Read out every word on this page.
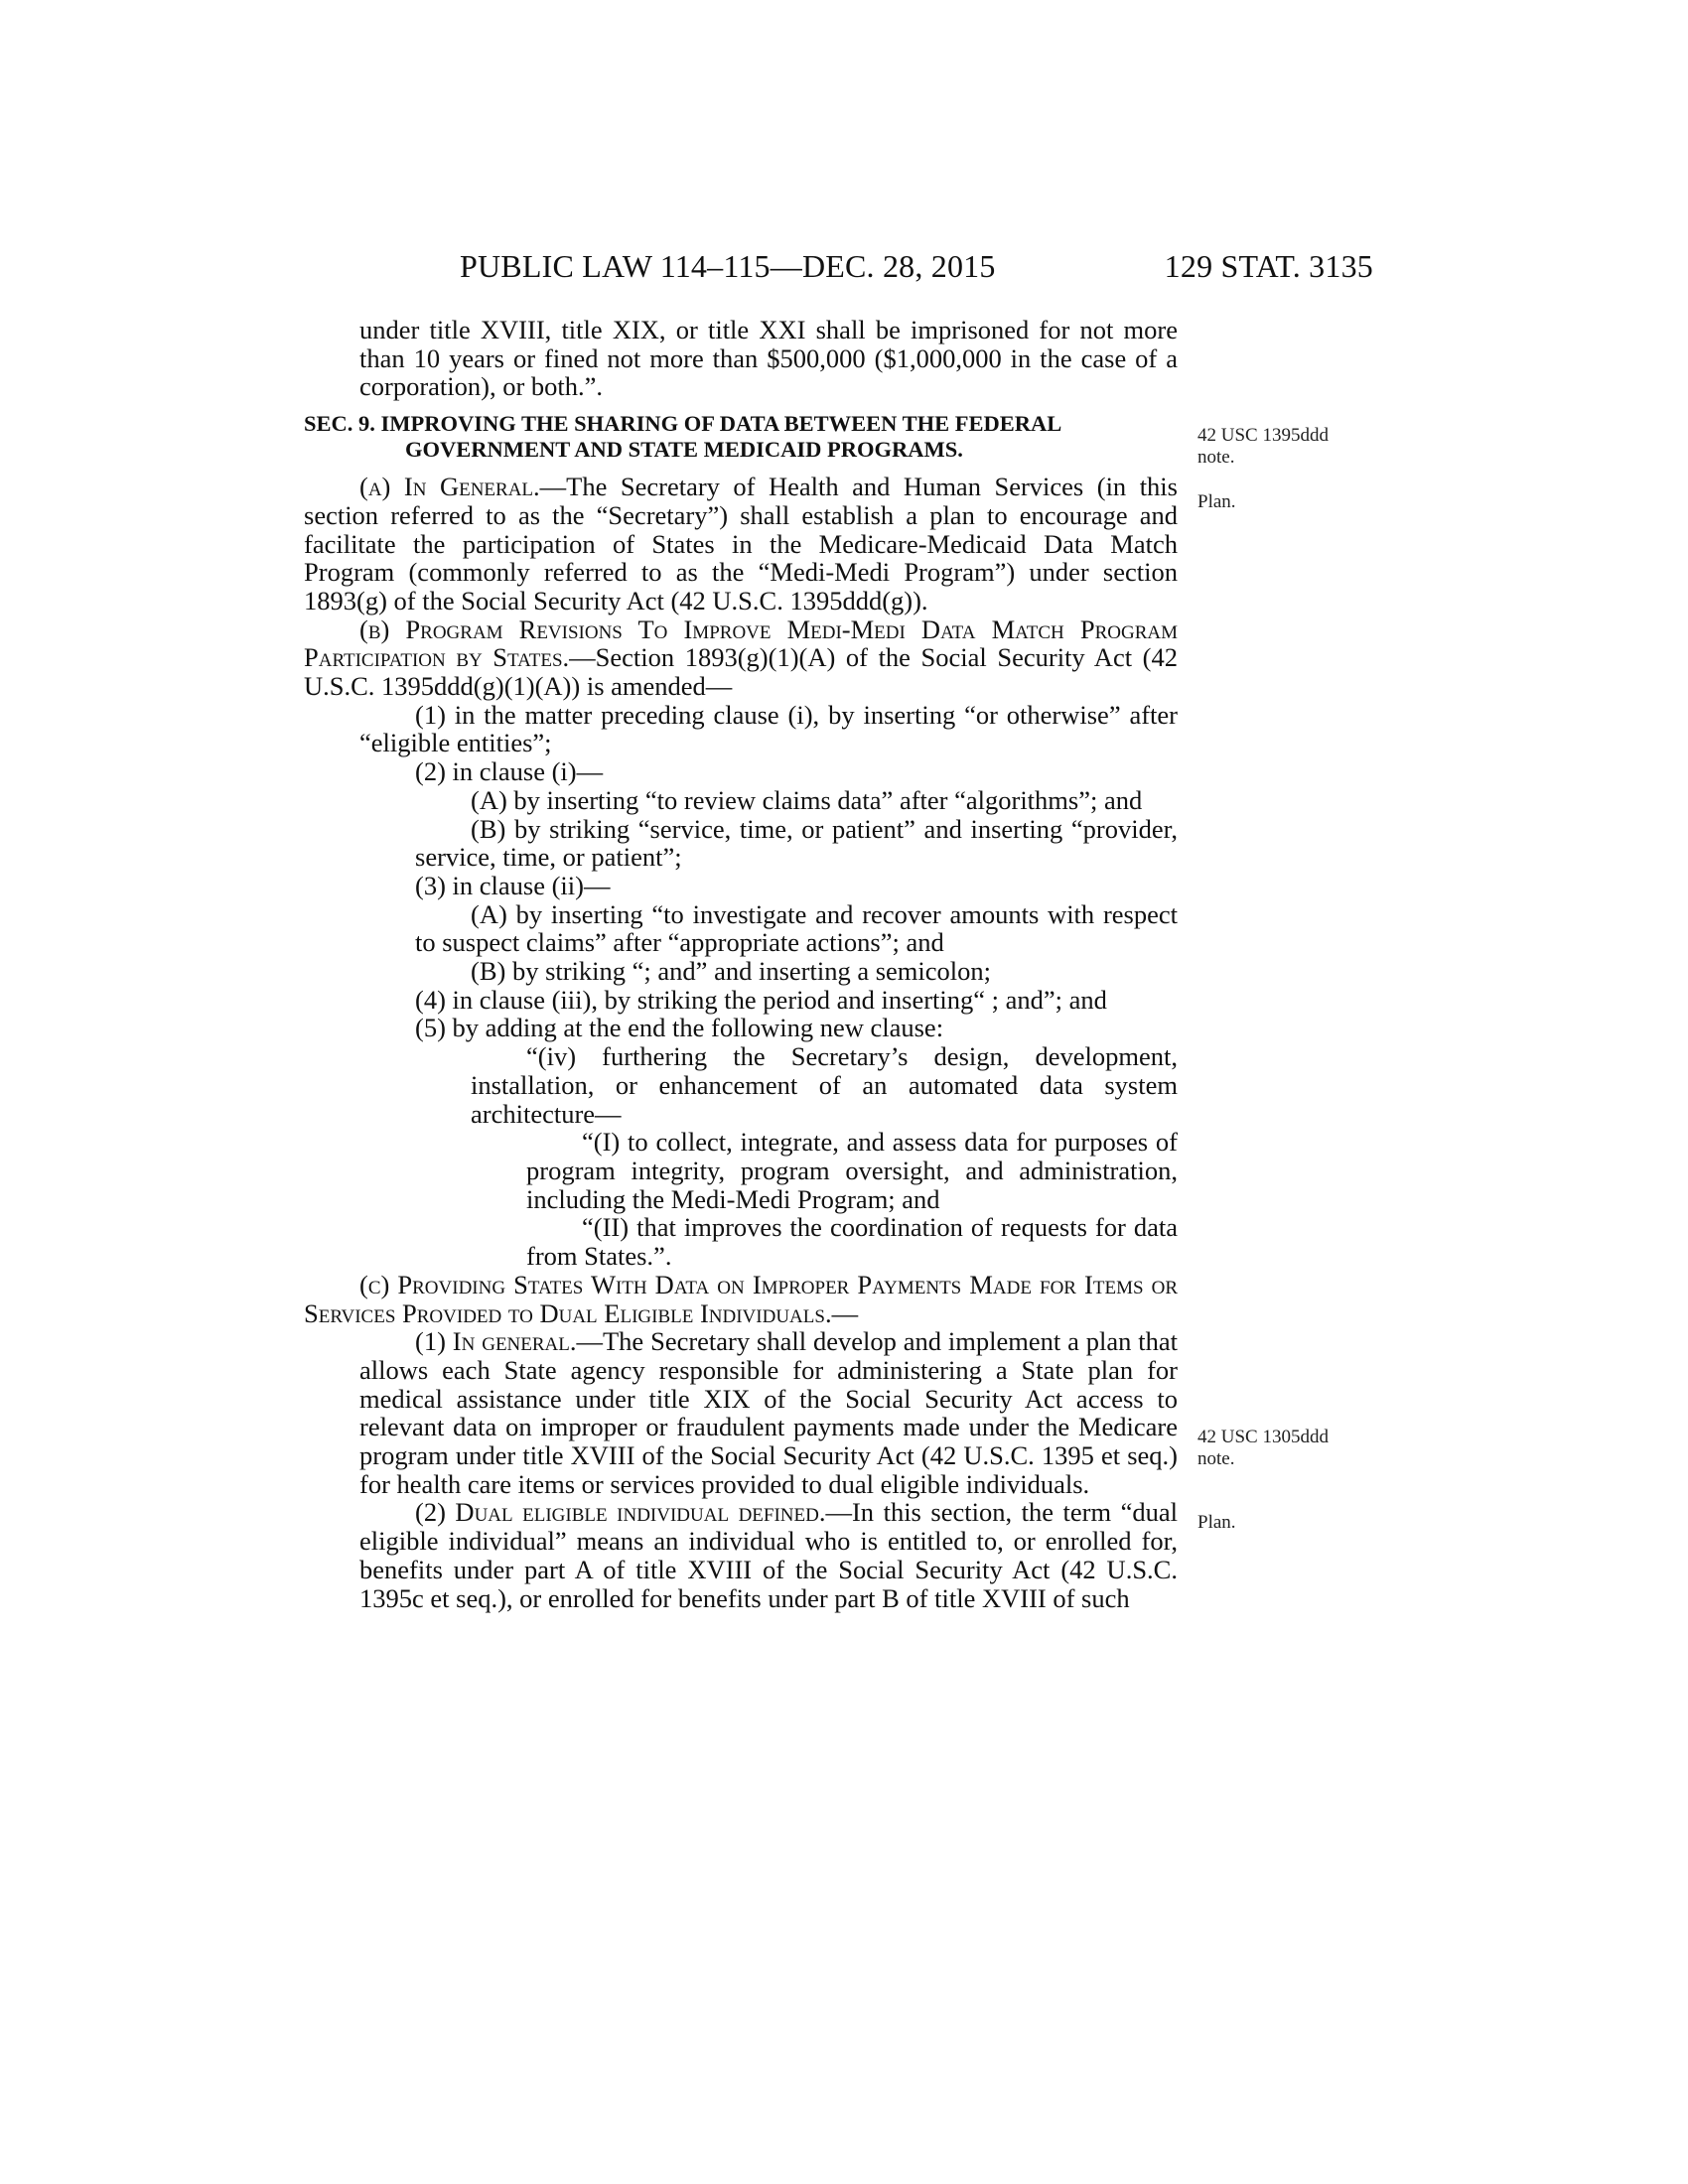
PUBLIC LAW 114–115—DEC. 28, 2015	129 STAT. 3135

under title XVIII, title XIX, or title XXI shall be imprisoned for not more than 10 years or fined not more than $500,000 ($1,000,000 in the case of a corporation), or both.”.

SEC. 9. IMPROVING THE SHARING OF DATA BETWEEN THE FEDERAL
GOVERNMENT AND STATE MEDICAID PROGRAMS.

(a) In General.—The Secretary of Health and Human Services (in this section referred to as the “Secretary”) shall establish a plan to encourage and facilitate the participation of States in the Medicare-Medicaid Data Match Program (commonly referred to as the “Medi-Medi Program”) under section 1893(g) of the Social Security Act (42 U.S.C. 1395ddd(g)).

(b) Program Revisions To Improve Medi-Medi Data Match Program Participation by States.—Section 1893(g)(1)(A) of the Social Security Act (42 U.S.C. 1395ddd(g)(1)(A)) is amended—

(1) in the matter preceding clause (i), by inserting “or otherwise” after “eligible entities”;

(2) in clause (i)—

(A) by inserting “to review claims data” after “algorithms”; and

(B) by striking “service, time, or patient” and inserting “provider, service, time, or patient”;

(3) in clause (ii)—

(A) by inserting “to investigate and recover amounts with respect to suspect claims” after “appropriate actions”; and

(B) by striking “; and” and inserting a semicolon;

(4) in clause (iii), by striking the period and inserting“ ; and”; and

(5) by adding at the end the following new clause:

“(iv) furthering the Secretary’s design, development, installation, or enhancement of an automated data system architecture—

“(I) to collect, integrate, and assess data for purposes of program integrity, program oversight, and administration, including the Medi-Medi Program; and

“(II) that improves the coordination of requests for data from States.”.

(c) Providing States With Data on Improper Payments Made for Items or Services Provided to Dual Eligible Individuals.—

(1) In general.—The Secretary shall develop and implement a plan that allows each State agency responsible for administering a State plan for medical assistance under title XIX of the Social Security Act access to relevant data on improper or fraudulent payments made under the Medicare program under title XVIII of the Social Security Act (42 U.S.C. 1395 et seq.) for health care items or services provided to dual eligible individuals.

(2) Dual eligible individual defined.—In this section, the term “dual eligible individual” means an individual who is entitled to, or enrolled for, benefits under part A of title XVIII of the Social Security Act (42 U.S.C. 1395c et seq.), or enrolled for benefits under part B of title XVIII of such

42 USC 1395ddd
note.
Plan.
42 USC 1305ddd
note.
Plan.
